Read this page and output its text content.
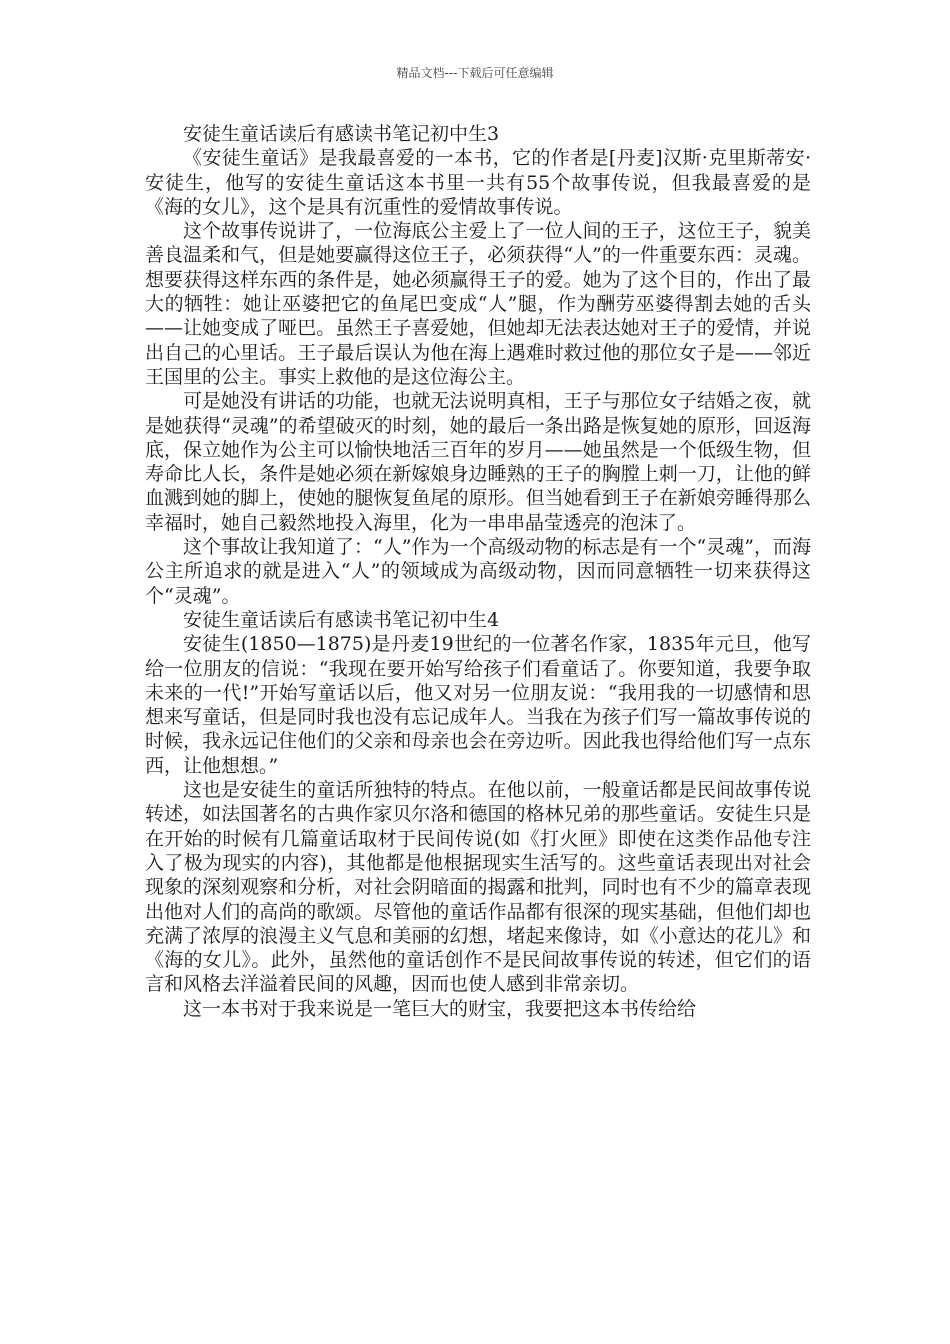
精品文档---下载后可任意编辑

安徒生童话读后有感读书笔记初中生3

《安徒生童话》是我最喜爱的一本书，它的作者是[丹麦]汉斯·克里斯蒂安·安徒生，他写的安徒生童话这本书里一共有55个故事传说，但我最喜爱的是《海的女儿》，这个是具有沉重性的爱情故事传说。

这个故事传说讲了，一位海底公主爱上了一位人间的王子，这位王子，貌美善良温柔和气，但是她要赢得这位王子，必须获得“人”的一件重要东西：灵魂。想要获得这样东西的条件是，她必须赢得王子的爱。她为了这个目的，作出了最大的牺牲：她让巫婆把它的鱼尾巴变成“人”腿，作为酬劳巫婆得割去她的舌头——让她变成了哑巴。虽然王子喜爱她，但她却无法表达她对王子的爱情，并说出自己的心里话。王子最后误认为他在海上遇难时救过他的那位女子是——邻近王国里的公主。事实上救他的是这位海公主。

可是她没有讲话的功能，也就无法说明真相，王子与那位女子结婚之夜，就是她获得“灵魂”的希望破灭的时刻，她的最后一条出路是恢复她的原形，回返海底，保立她作为公主可以愉快地活三百年的岁月——她虽然是一个低级生物，但寿命比人长，条件是她必须在新嫁娘身边睡熟的王子的胸膛上刺一刀，让他的鲜血溅到她的脚上，使她的腿恢复鱼尾的原形。但当她看到王子在新娘旁睡得那么幸福时，她自己毅然地投入海里，化为一串串晶莹透亮的泡沫了。

这个事故让我知道了：“人”作为一个高级动物的标志是有一个“灵魂”，而海公主所追求的就是进入“人”的领域成为高级动物，因而同意牺牲一切来获得这个“灵魂”。

安徒生童话读后有感读书笔记初中生4

安徒生(1850—1875)是丹麦19世纪的一位著名作家，1835年元旦，他写给一位朋友的信说：“我现在要开始写给孩子们看童话了。你要知道，我要争取未来的一代!”开始写童话以后，他又对另一位朋友说：“我用我的一切感情和思想来写童话，但是同时我也没有忘记成年人。当我在为孩子们写一篇故事传说的时候，我永远记住他们的父亲和母亲也会在旁边听。因此我也得给他们写一点东西，让他想想。”

这也是安徒生的童话所独特的特点。在他以前，一般童话都是民间故事传说转述，如法国著名的古典作家贝尔洛和德国的格林兄弟的那些童话。安徒生只是在开始的时候有几篇童话取材于民间传说(如《打火匣》即使在这类作品他专注入了极为现实的内容)，其他都是他根据现实生活写的。这些童话表现出对社会现象的深刻观察和分析，对社会阴暗面的揭露和批判，同时也有不少的篇章表现出他对人们的高尚的歌颂。尽管他的童话作品都有很深的现实基础，但他们却也充满了浓厚的浪漫主义气息和美丽的幻想，堵起来像诗，如《小意达的花儿》和《海的女儿》。此外，虽然他的童话创作不是民间故事传说的转述，但它们的语言和风格去洋溢着民间的风趣，因而也使人感到非常亲切。

这一本书对于我来说是一笔巨大的财宝，我要把这本书传给给
